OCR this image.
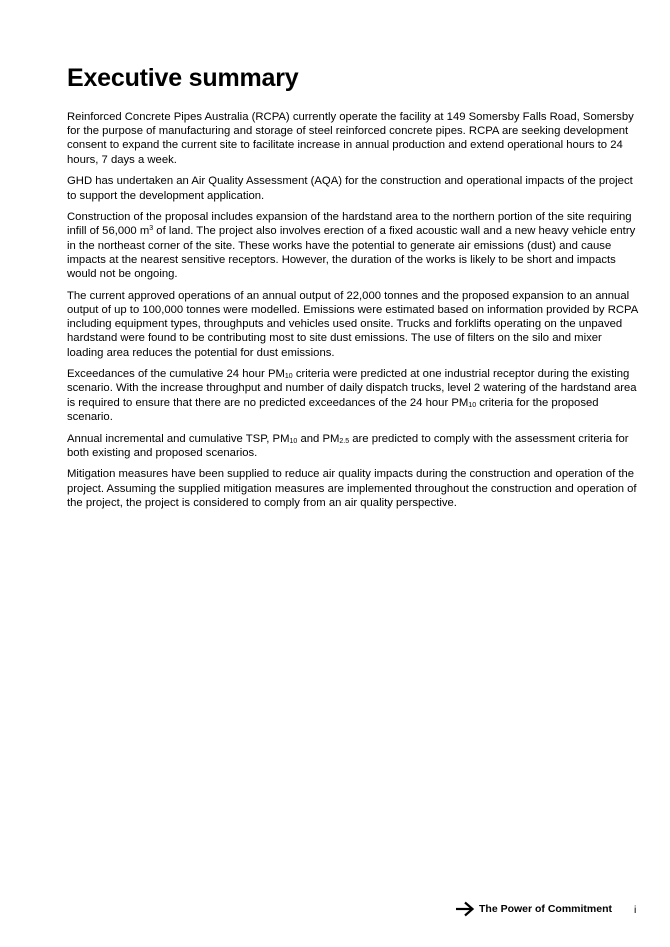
Executive summary

Reinforced Concrete Pipes Australia (RCPA) currently operate the facility at 149 Somersby Falls Road, Somersby for the purpose of manufacturing and storage of steel reinforced concrete pipes. RCPA are seeking development consent to expand the current site to facilitate increase in annual production and extend operational hours to 24 hours, 7 days a week.

GHD has undertaken an Air Quality Assessment (AQA) for the construction and operational impacts of the project to support the development application.

Construction of the proposal includes expansion of the hardstand area to the northern portion of the site requiring infill of 56,000 $m^3$ of land. The project also involves erection of a fixed acoustic wall and a new heavy vehicle entry in the northeast corner of the site. These works have the potential to generate air emissions (dust) and cause impacts at the nearest sensitive receptors. However, the duration of the works is likely to be short and impacts would not be ongoing.

The current approved operations of an annual output of 22,000 tonnes and the proposed expansion to an annual output of up to 100,000 tonnes were modelled. Emissions were estimated based on information provided by RCPA including equipment types, throughputs and vehicles used onsite. Trucks and forklifts operating on the unpaved hardstand were found to be contributing most to site dust emissions. The use of filters on the silo and mixer loading area reduces the potential for dust emissions.

Exceedances of the cumulative 24 hour $PM_{10}$ criteria were predicted at one industrial receptor during the existing scenario. With the increase throughput and number of daily dispatch trucks, level 2 watering of the hardstand area is required to ensure that there are no predicted exceedances of the 24 hour $PM_{10}$ criteria for the proposed scenario.

Annual incremental and cumulative TSP, $PM_{10}$ and $PM_{2.5}$ are predicted to comply with the assessment criteria for both existing and proposed scenarios.

Mitigation measures have been supplied to reduce air quality impacts during the construction and operation of the project. Assuming the supplied mitigation measures are implemented throughout the construction and operation of the project, the project is considered to comply from an air quality perspective.

The Power of Commitment i
